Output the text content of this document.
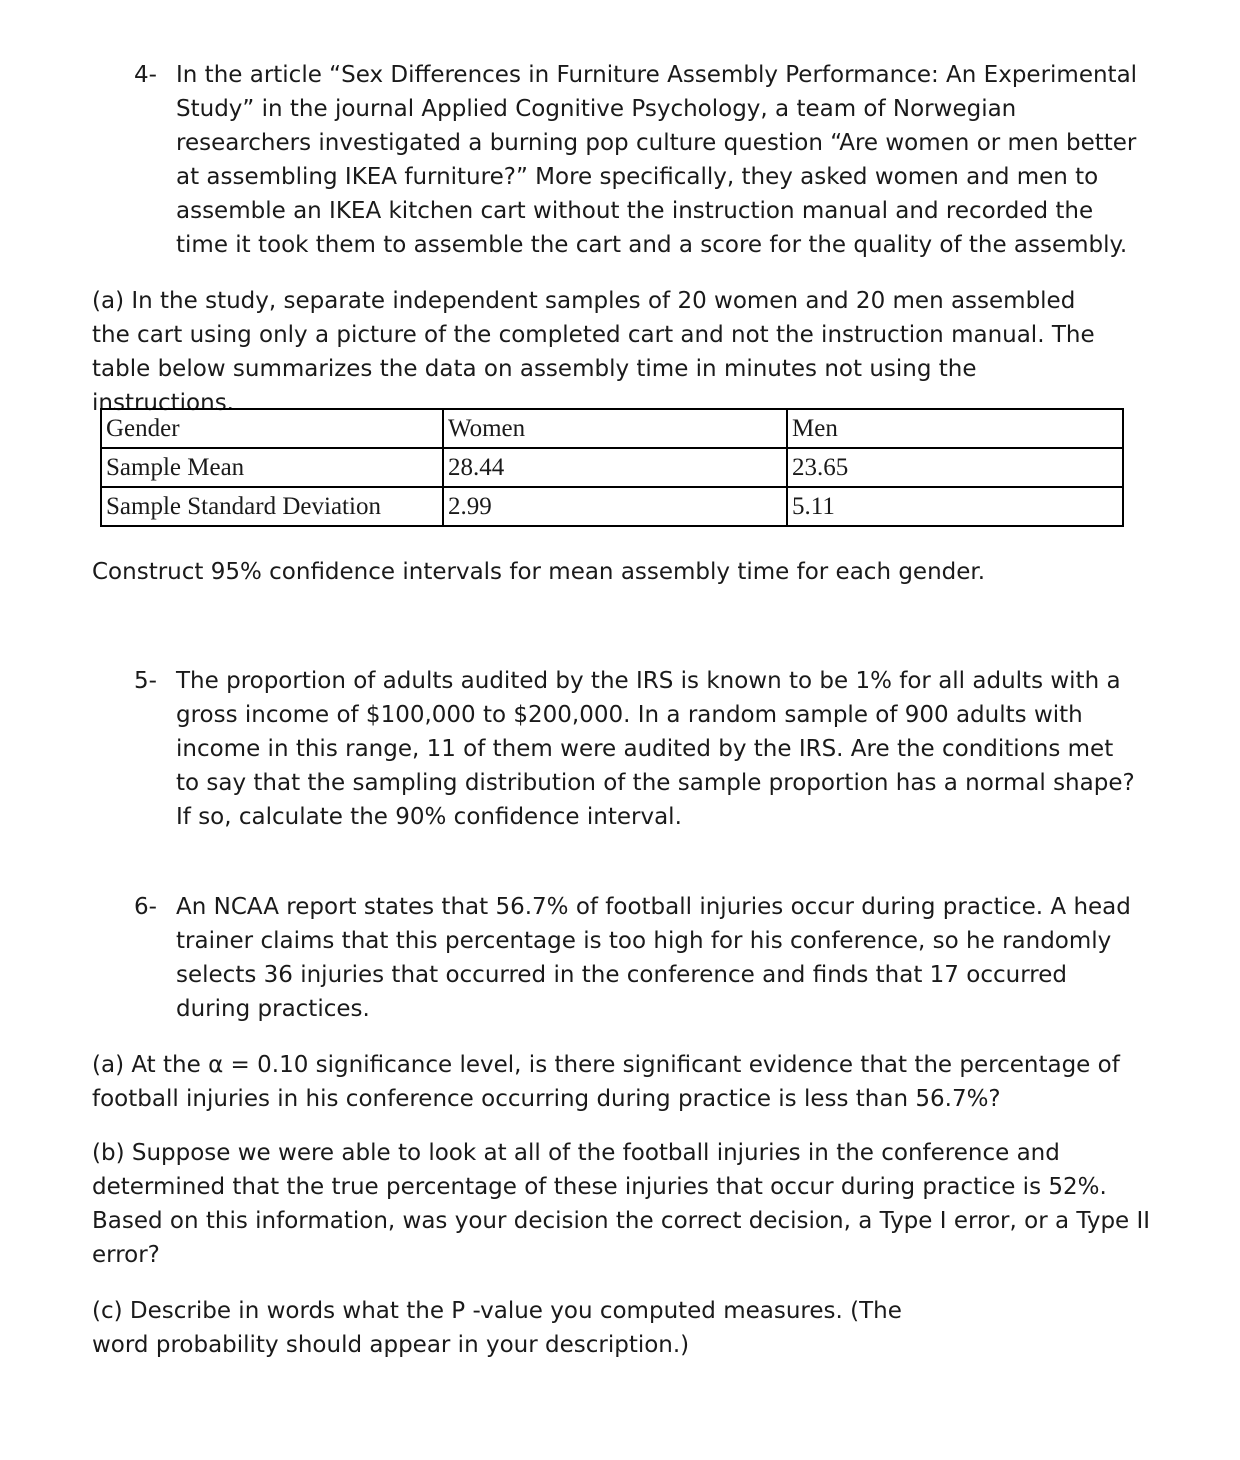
4- In the article “Sex Differences in Furniture Assembly Performance: An Experimental Study” in the journal Applied Cognitive Psychology, a team of Norwegian researchers investigated a burning pop culture question “Are women or men better at assembling IKEA furniture?” More specifically, they asked women and men to assemble an IKEA kitchen cart without the instruction manual and recorded the time it took them to assemble the cart and a score for the quality of the assembly.

(a) In the study, separate independent samples of 20 women and 20 men assembled the cart using only a picture of the completed cart and not the instruction manual. The table below summarizes the data on assembly time in minutes not using the instructions.

Gender	Women	Men
Sample Mean	28.44	23.65
Sample Standard Deviation	2.99	5.11

Construct 95% confidence intervals for mean assembly time for each gender.

5- The proportion of adults audited by the IRS is known to be 1% for all adults with a gross income of $100,000 to $200,000. In a random sample of 900 adults with income in this range, 11 of them were audited by the IRS. Are the conditions met to say that the sampling distribution of the sample proportion has a normal shape? If so, calculate the 90% confidence interval.

6- An NCAA report states that 56.7% of football injuries occur during practice. A head trainer claims that this percentage is too high for his conference, so he randomly selects 36 injuries that occurred in the conference and finds that 17 occurred during practices.

(a) At the α = 0.10 significance level, is there significant evidence that the percentage of football injuries in his conference occurring during practice is less than 56.7%?

(b) Suppose we were able to look at all of the football injuries in the conference and determined that the true percentage of these injuries that occur during practice is 52%. Based on this information, was your decision the correct decision, a Type I error, or a Type II error?

(c) Describe in words what the P -value you computed measures. (The word probability should appear in your description.)
